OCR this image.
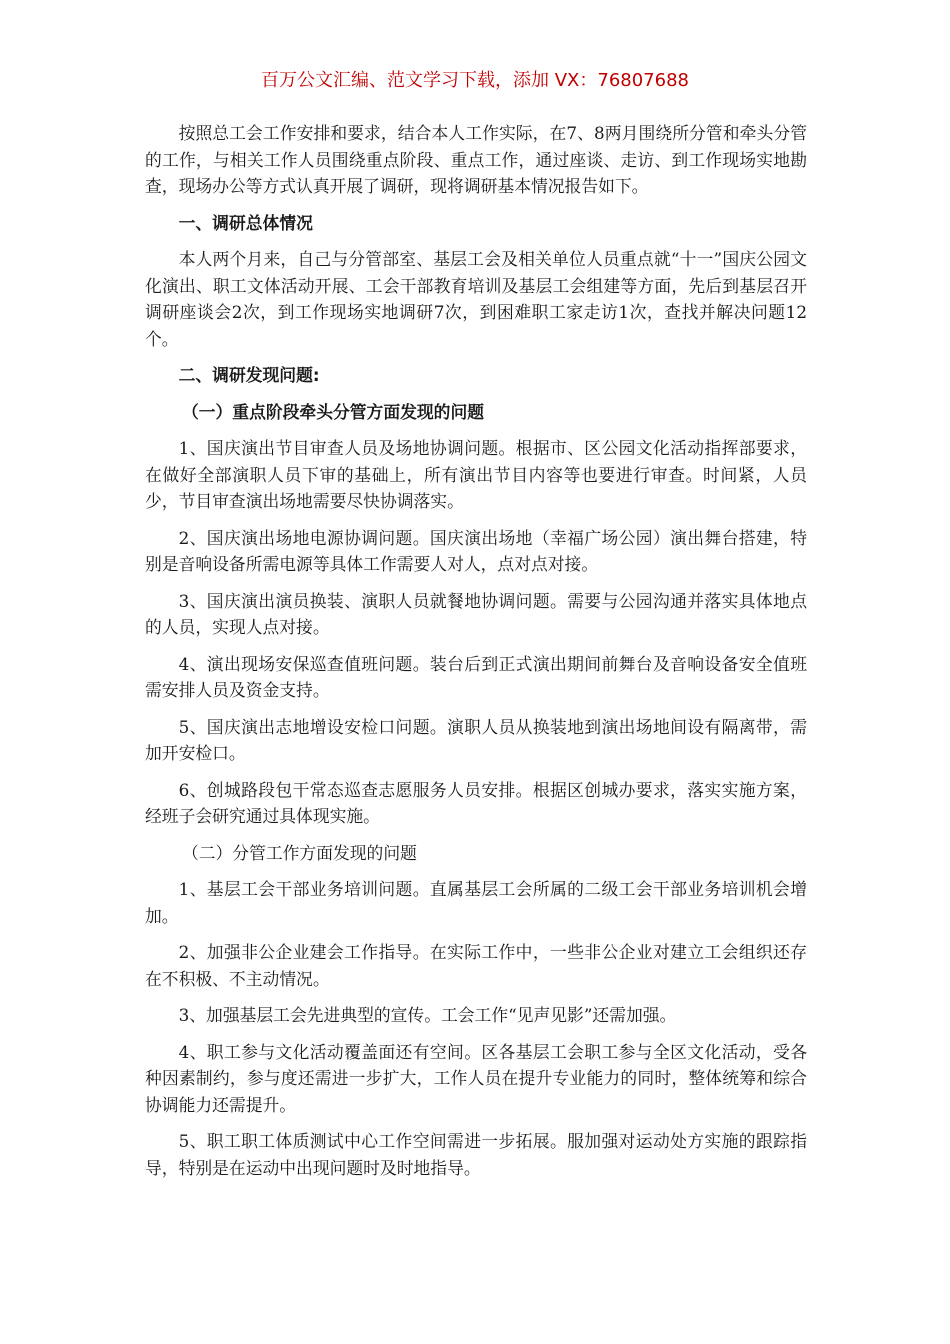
百万公文汇编、范文学习下载，添加 VX：76807688

按照总工会工作安排和要求，结合本人工作实际，在7、8两月围绕所分管和牵头分管的工作，与相关工作人员围绕重点阶段、重点工作，通过座谈、走访、到工作现场实地勘查，现场办公等方式认真开展了调研，现将调研基本情况报告如下。

一、调研总体情况

本人两个月来，自己与分管部室、基层工会及相关单位人员重点就“十一”国庆公园文化演出、职工文体活动开展、工会干部教育培训及基层工会组建等方面，先后到基层召开调研座谈会2次，到工作现场实地调研7次，到困难职工家走访1次，查找并解决问题12个。

二、调研发现问题:

（一）重点阶段牵头分管方面发现的问题

1、国庆演出节目审查人员及场地协调问题。根据市、区公园文化活动指挥部要求，在做好全部演职人员下审的基础上，所有演出节目内容等也要进行审查。时间紧，人员少，节目审查演出场地需要尽快协调落实。

2、国庆演出场地电源协调问题。国庆演出场地（幸福广场公园）演出舞台搭建，特别是音响设备所需电源等具体工作需要人对人，点对点对接。

3、国庆演出演员换装、演职人员就餐地协调问题。需要与公园沟通并落实具体地点的人员，实现人点对接。

4、演出现场安保巡查值班问题。装台后到正式演出期间前舞台及音响设备安全值班需安排人员及资金支持。

5、国庆演出志地增设安检口问题。演职人员从换装地到演出场地间设有隔离带，需加开安检口。

6、创城路段包干常态巡查志愿服务人员安排。根据区创城办要求，落实实施方案，经班子会研究通过具体现实施。

（二）分管工作方面发现的问题

1、基层工会干部业务培训问题。直属基层工会所属的二级工会干部业务培训机会增加。

2、加强非公企业建会工作指导。在实际工作中，一些非公企业对建立工会组织还存在不积极、不主动情况。

3、加强基层工会先进典型的宣传。工会工作“见声见影”还需加强。

4、职工参与文化活动覆盖面还有空间。区各基层工会职工参与全区文化活动，受各种因素制约，参与度还需进一步扩大，工作人员在提升专业能力的同时，整体统筹和综合协调能力还需提升。

5、职工职工体质测试中心工作空间需进一步拓展。服加强对运动处方实施的跟踪指导，特别是在运动中出现问题时及时地指导。
